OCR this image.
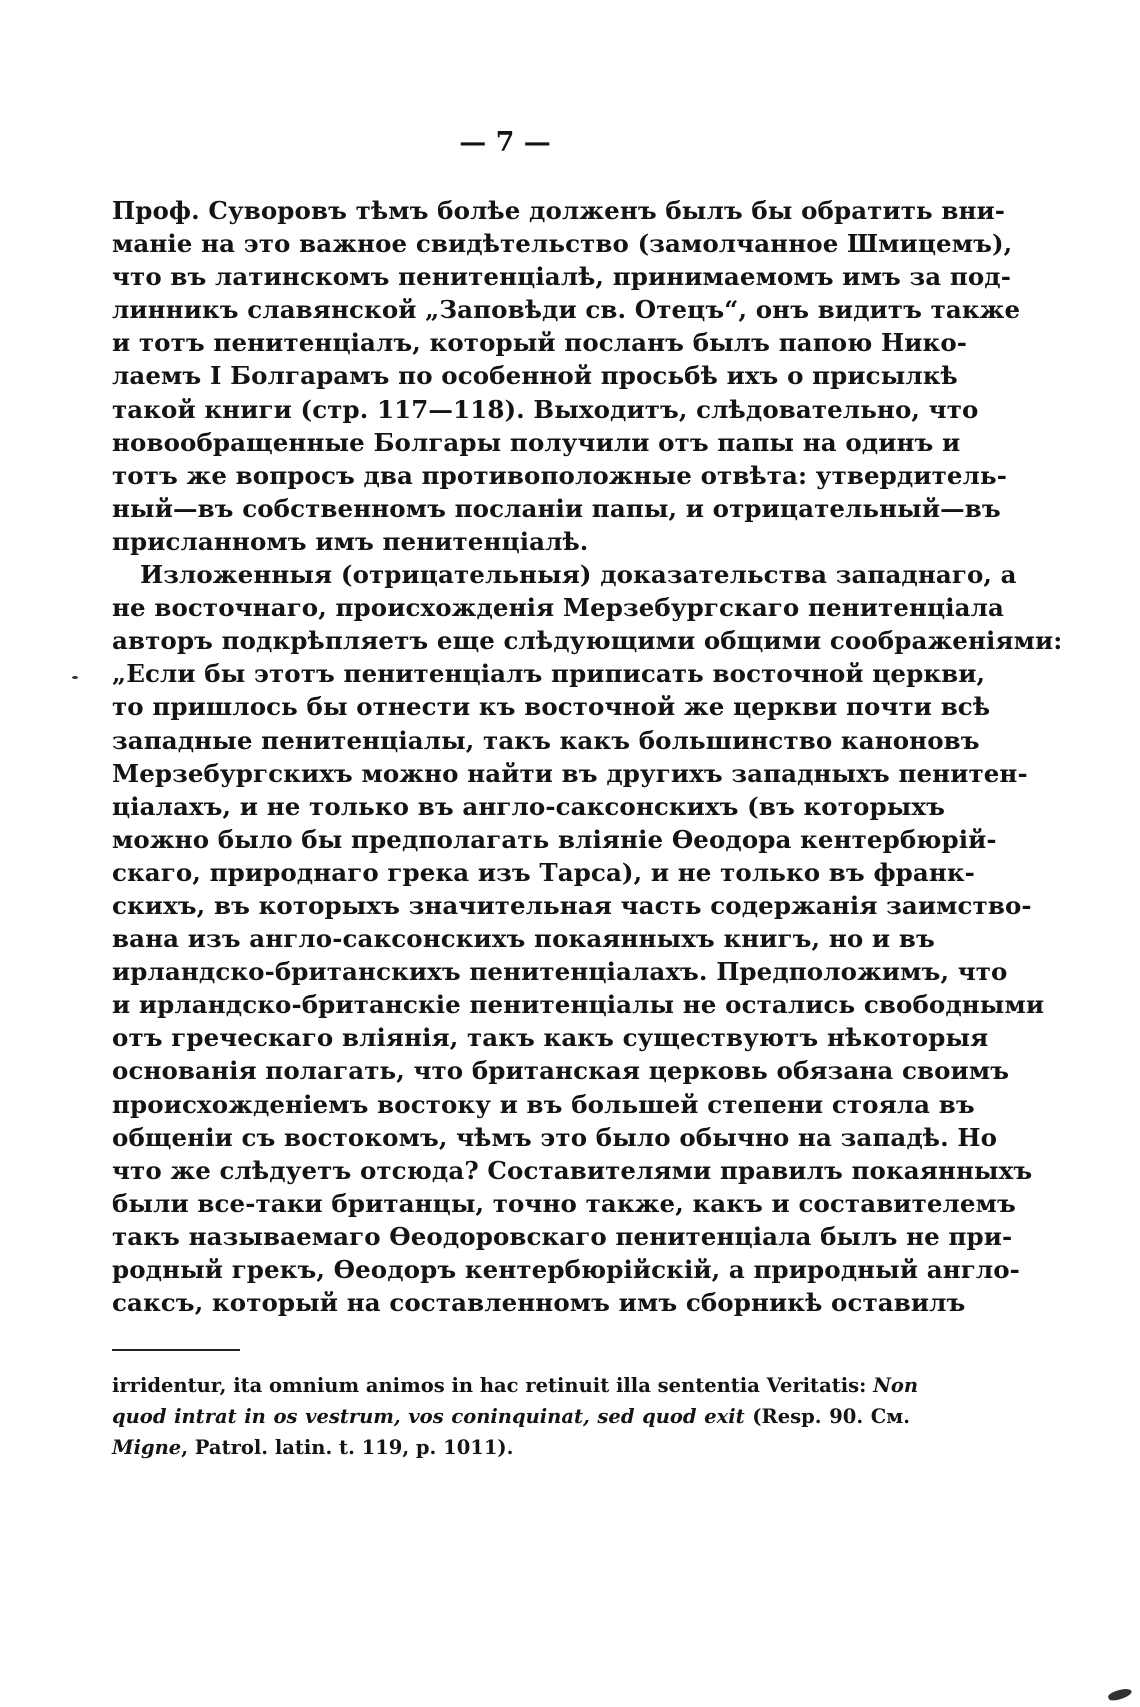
— 7 —
Проф. Суворовъ тѣмъ болѣе долженъ былъ бы обратить вни-
маніе на это важное свидѣтельство (замолчанное Шмицемъ),
что въ латинскомъ пенитенціалѣ, принимаемомъ имъ за под-
линникъ славянской „Заповѣди св. Отецъ“, онъ видитъ также
и тотъ пенитенціалъ, который посланъ былъ папою Нико-
лаемъ I Болгарамъ по особенной просьбѣ ихъ о присылкѣ
такой книги (стр. 117—118). Выходитъ, слѣдовательно, что
новообращенные Болгары получили отъ папы на одинъ и
тотъ же вопросъ два противоположные отвѣта: утвердитель-
ный—въ собственномъ посланіи папы, и отрицательный—въ
присланномъ имъ пенитенціалѣ.
Изложенныя (отрицательныя) доказательства западнаго, а
не восточнаго, происхожденія Мерзебургскаго пенитенціала
авторъ подкрѣпляетъ еще слѣдующими общими соображеніями:
„Если бы этотъ пенитенціалъ приписать восточной церкви,
то пришлось бы отнести къ восточной же церкви почти всѣ
западные пенитенціалы, такъ какъ большинство каноновъ
Мерзебургскихъ можно найти въ другихъ западныхъ пенитен-
ціалахъ, и не только въ англо-саксонскихъ (въ которыхъ
можно было бы предполагать вліяніе Ѳеодора кентербюрій-
скаго, природнаго грека изъ Тарса), и не только въ франк-
скихъ, въ которыхъ значительная часть содержанія заимство-
вана изъ англо-саксонскихъ покаянныхъ книгъ, но и въ
ирландско-британскихъ пенитенціалахъ. Предположимъ, что
и ирландско-британскіе пенитенціалы не остались свободными
отъ греческаго вліянія, такъ какъ существуютъ нѣкоторыя
основанія полагать, что британская церковь обязана своимъ
происхожденіемъ востоку и въ большей степени стояла въ
общеніи съ востокомъ, чѣмъ это было обычно на западѣ. Но
что же слѣдуетъ отсюда? Составителями правилъ покаянныхъ
были все-таки британцы, точно также, какъ и составителемъ
такъ называемаго Ѳеодоровскаго пенитенціала былъ не при-
родный грекъ, Ѳеодоръ кентербюрійскій, а природный англо-
саксъ, который на составленномъ имъ сборникѣ оставилъ
irridentur, ita omnium animos in hac retinuit illa sententia Veritatis: Non
quod intrat in os vestrum, vos coninquinat, sed quod exit (Resp. 90. См.
Migne, Patrol. latin. t. 119, p. 1011).
